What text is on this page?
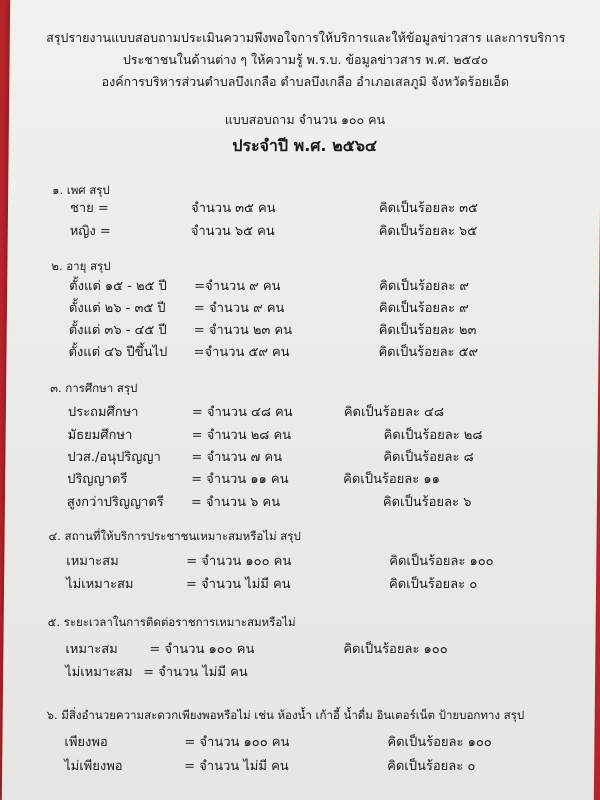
สรุปรายงานแบบสอบถามประเมินความพึงพอใจการให้บริการและให้ข้อมูลข่าวสาร และการบริการ
ประชาชนในด้านต่าง ๆ ให้ความรู้ พ.ร.บ. ข้อมูลข่าวสาร พ.ศ. ๒๕๔๐
องค์การบริหารส่วนตำบลบึงเกลือ ตำบลบึงเกลือ อำเภอเสลภูมิ จังหวัดร้อยเอ็ด
แบบสอบถาม จำนวน ๑๐๐ คน
ประจำปี พ.ศ. ๒๕๖๔
๑. เพศ สรุป
ชาย =	จำนวน ๓๕ คน	คิดเป็นร้อยละ ๓๕
หญิง =	จำนวน ๖๕ คน	คิดเป็นร้อยละ ๖๕
๒. อายุ สรุป
ตั้งแต่ ๑๕ - ๒๕ ปี =จำนวน ๙ คน	คิดเป็นร้อยละ ๙
ตั้งแต่ ๒๖ - ๓๕ ปี = จำนวน ๙ คน	คิดเป็นร้อยละ ๙
ตั้งแต่ ๓๖ - ๔๕ ปี = จำนวน ๒๓ คน	คิดเป็นร้อยละ ๒๓
ตั้งแต่ ๔๖ ปีขึ้นไป =จำนวน ๕๙ คน	คิดเป็นร้อยละ ๕๙
๓. การศึกษา สรุป
ประถมศึกษา	= จำนวน ๔๘ คน	คิดเป็นร้อยละ ๔๘
มัธยมศึกษา	= จำนวน ๒๘ คน	คิดเป็นร้อยละ ๒๘
ปวส./อนุปริญญา = จำนวน ๗ คน	คิดเป็นร้อยละ ๘
ปริญญาตรี	= จำนวน ๑๑ คน	คิดเป็นร้อยละ ๑๑
สูงกว่าปริญญาตรี = จำนวน ๖ คน	คิดเป็นร้อยละ ๖
๔. สถานที่ให้บริการประชาชนเหมาะสมหรือไม่ สรุป
เหมาะสม	= จำนวน ๑๐๐ คน	คิดเป็นร้อยละ ๑๐๐
ไม่เหมาะสม	= จำนวน ไม่มี คน	คิดเป็นร้อยละ ๐
๕. ระยะเวลาในการติดต่อราชการเหมาะสมหรือไม่
เหมาะสม = จำนวน ๑๐๐ คน	คิดเป็นร้อยละ ๑๐๐
ไม่เหมาะสม = จำนวน ไม่มี คน
๖. มีสิ่งอำนวยความสะดวกเพียงพอหรือไม่ เช่น ห้องน้ำ เก้าอี้ น้ำดื่ม อินเตอร์เน็ต ป้ายบอกทาง สรุป
เพียงพอ	= จำนวน ๑๐๐ คน	คิดเป็นร้อยละ ๑๐๐
ไม่เพียงพอ	= จำนวน ไม่มี คน	คิดเป็นร้อยละ ๐
